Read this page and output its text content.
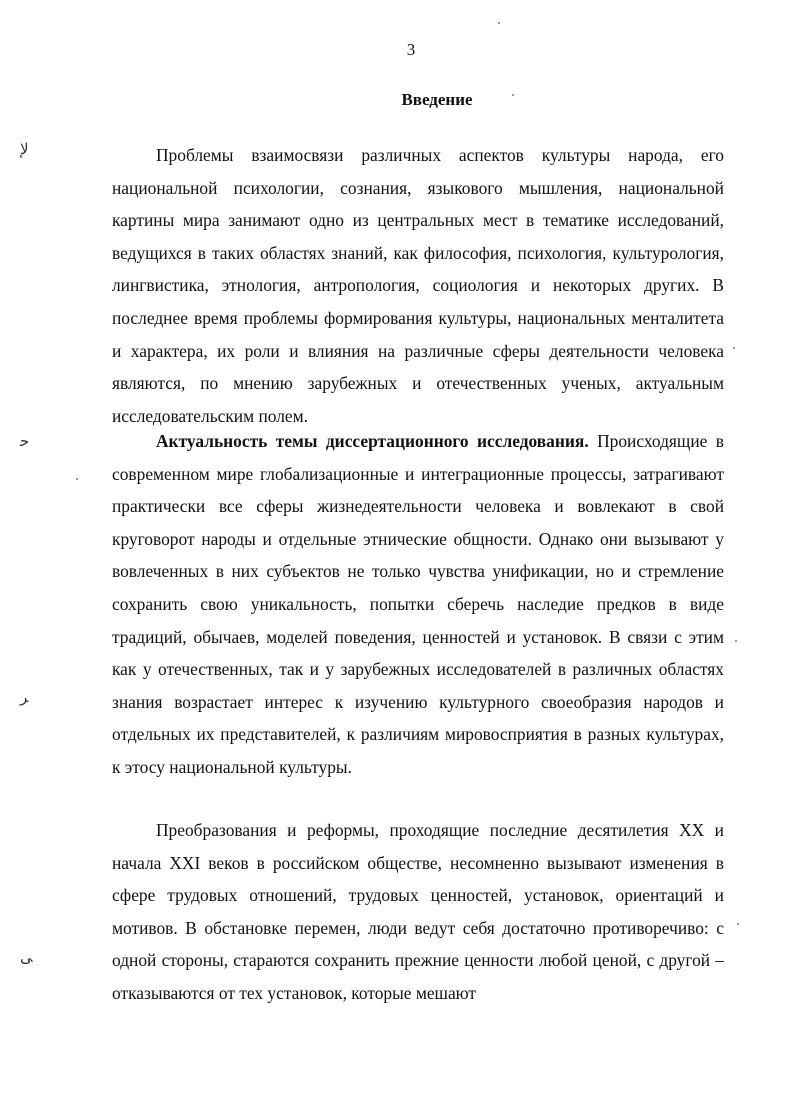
3
Введение

Проблемы взаимосвязи различных аспектов культуры народа, его национальной психологии, сознания, языкового мышления, национальной картины мира занимают одно из центральных мест в тематике исследований, ведущихся в таких областях знаний, как философия, психология, культурология, лингвистика, этнология, антропология, социология и некоторых других. В последнее время проблемы формирования культуры, национальных менталитета и характера, их роли и влияния на различные сферы деятельности человека являются, по мнению зарубежных и отечественных ученых, актуальным исследовательским полем.

Актуальность темы диссертационного исследования. Происходящие в современном мире глобализационные и интеграционные процессы, затрагивают практически все сферы жизнедеятельности человека и вовлекают в свой круговорот народы и отдельные этнические общности. Однако они вызывают у вовлеченных в них субъектов не только чувства унификации, но и стремление сохранить свою уникальность, попытки сберечь наследие предков в виде традиций, обычаев, моделей поведения, ценностей и установок. В связи с этим как у отечественных, так и у зарубежных исследователей в различных областях знания возрастает интерес к изучению культурного своеобразия народов и отдельных их представителей, к различиям мировосприятия в разных культурах, к этосу национальной культуры.

Преобразования и реформы, проходящие последние десятилетия XX и начала XXI веков в российском обществе, несомненно вызывают изменения в сфере трудовых отношений, трудовых ценностей, установок, ориентаций и мотивов. В обстановке перемен, люди ведут себя достаточно противоречиво: с одной стороны, стараются сохранить прежние ценности любой ценой, с другой – отказываются от тех установок, которые мешают

ﻹ
ﺣ
ﺮ
ﻰ
